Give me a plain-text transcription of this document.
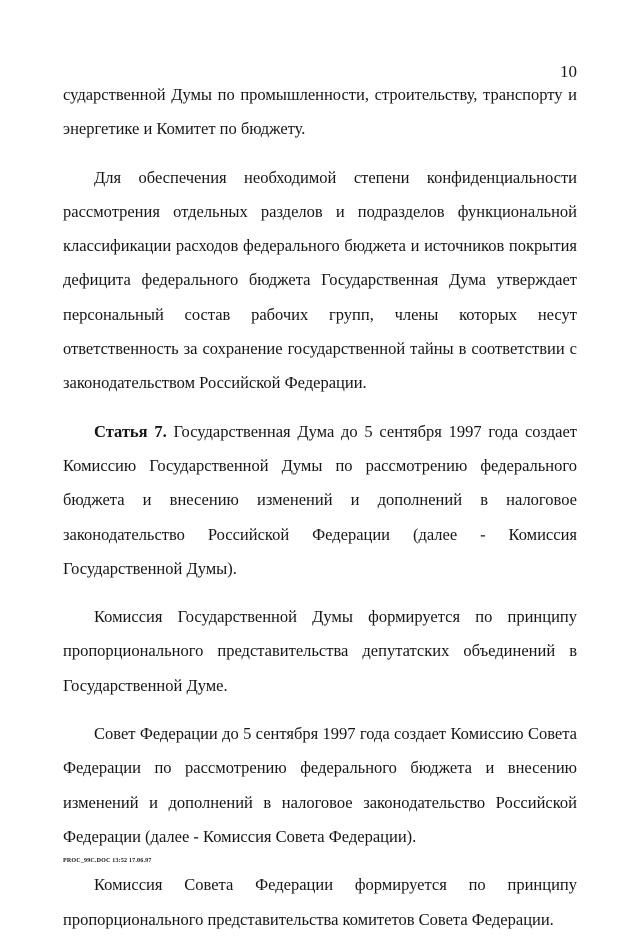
10

сударственной Думы по промышленности, строительству, транспорту и энергетике и Комитет по бюджету.

Для обеспечения необходимой степени конфиденциальности рассмотрения отдельных разделов и подразделов функциональной классификации расходов федерального бюджета и источников покрытия дефицита федерального бюджета Государственная Дума утверждает персональный состав рабочих групп, члены которых несут ответственность за сохранение государственной тайны в соответствии с законодательством Российской Федерации.

Статья 7. Государственная Дума до 5 сентября 1997 года создает Комиссию Государственной Думы по рассмотрению федерального бюджета и внесению изменений и дополнений в налоговое законодательство Российской Федерации (далее - Комиссия Государственной Думы).

Комиссия Государственной Думы формируется по принципу пропорционального представительства депутатских объединений в Государственной Думе.

Совет Федерации до 5 сентября 1997 года создает Комиссию Совета Федерации по рассмотрению федерального бюджета и внесению изменений и дополнений в налоговое законодательство Российской Федерации (далее - Комиссия Совета Федерации).

Комиссия Совета Федерации формируется по принципу пропорционального представительства комитетов Совета Федерации.

PROC_99C.DOC 13:52 17.06.97
